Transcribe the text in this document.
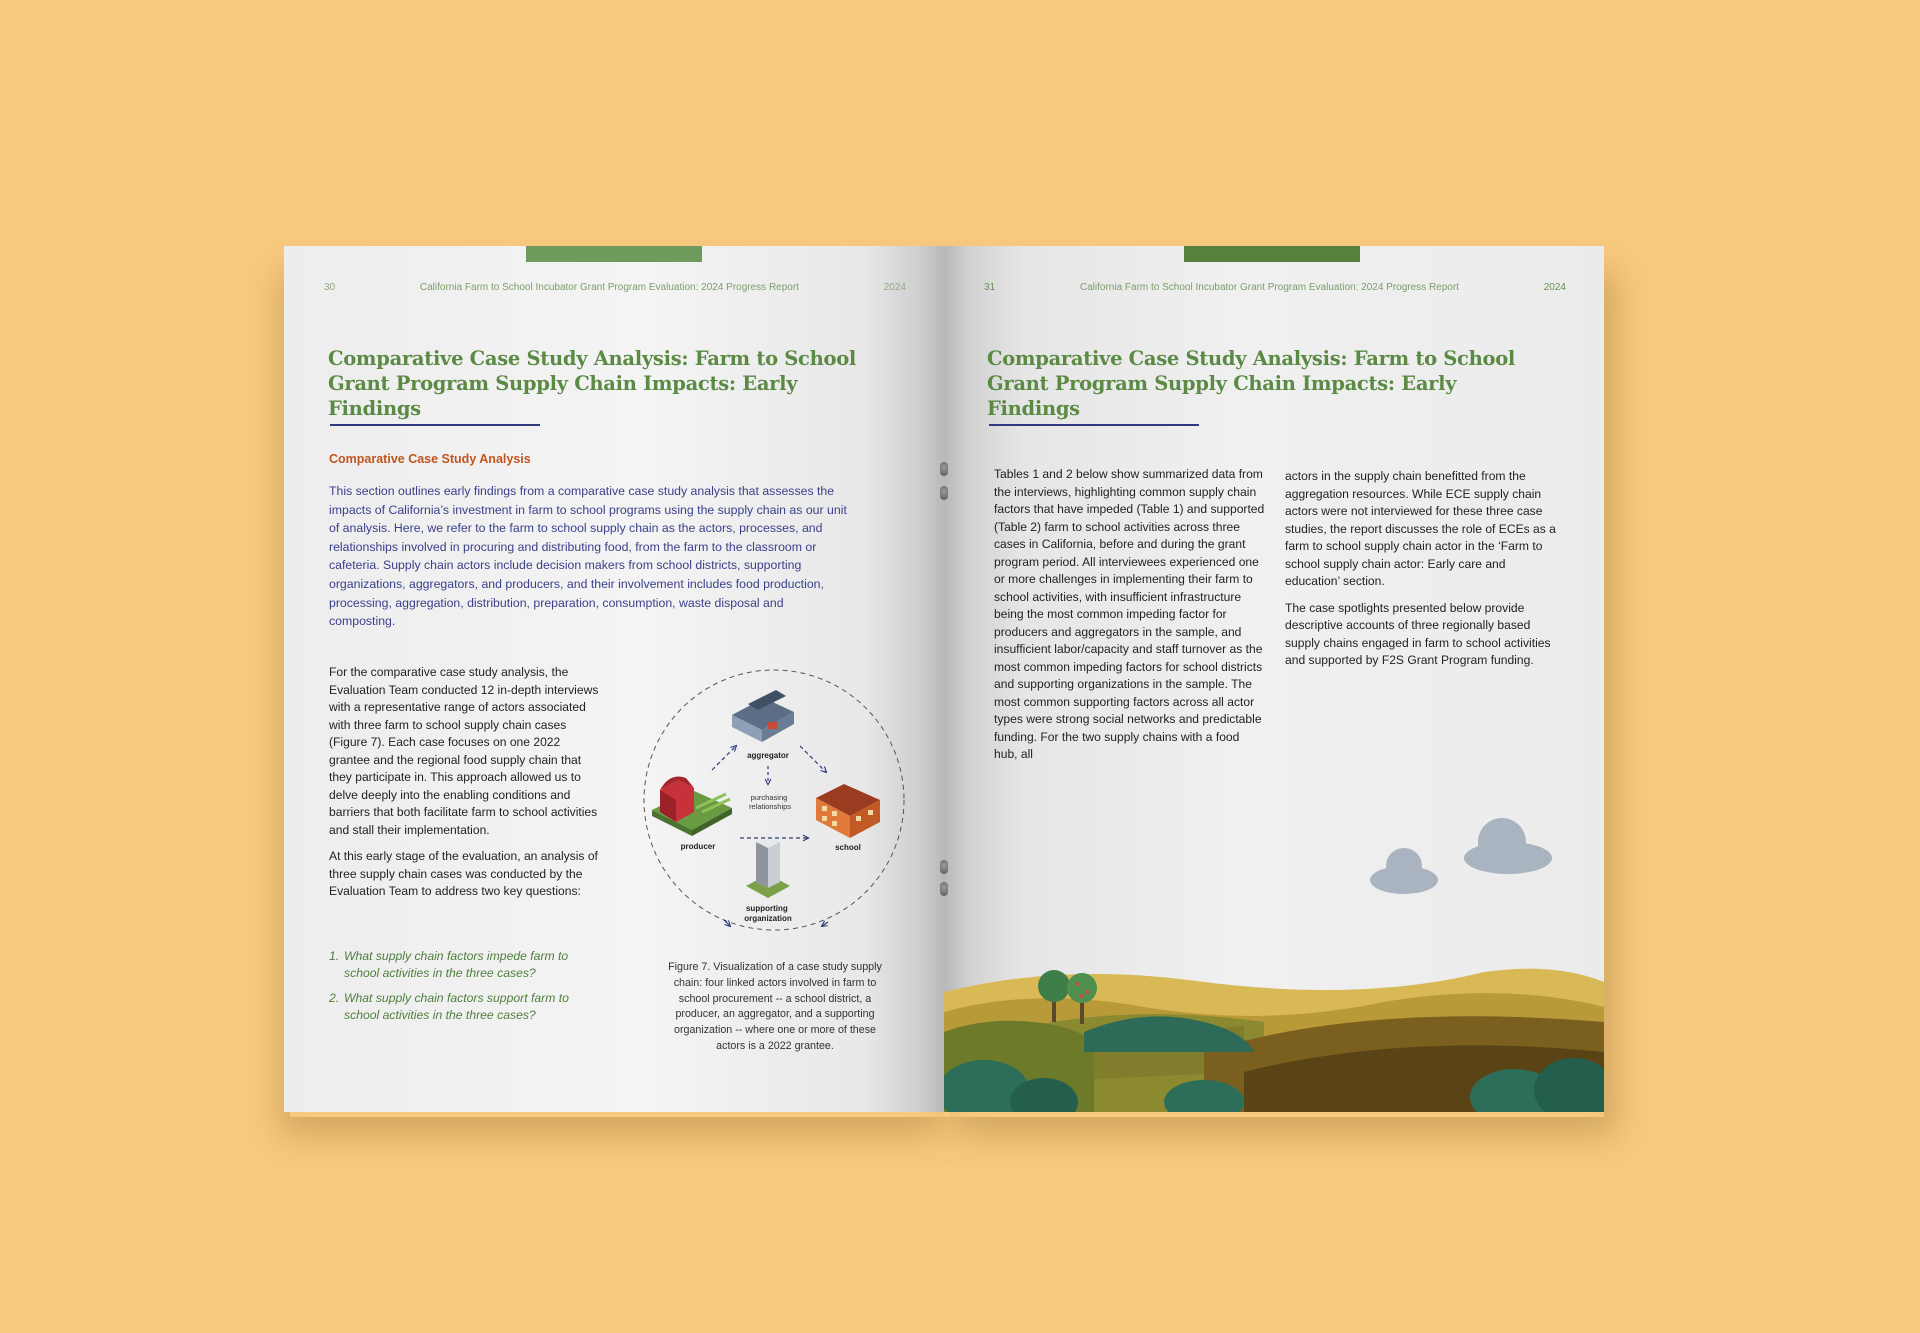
30	California Farm to School Incubator Grant Program Evaluation: 2024 Progress Report	2024
Comparative Case Study Analysis: Farm to School
Grant Program Supply Chain Impacts: Early Findings
Comparative Case Study Analysis
This section outlines early findings from a comparative case study analysis that assesses the impacts of California’s investment in farm to school programs using the supply chain as our unit of analysis. Here, we refer to the farm to school supply chain as the actors, processes, and relationships involved in procuring and distributing food, from the farm to the classroom or cafeteria. Supply chain actors include decision makers from school districts, supporting organizations, aggregators, and producers, and their involvement includes food production, processing, aggregation, distribution, preparation, consumption, waste disposal and composting.

For the comparative case study analysis, the Evaluation Team conducted 12 in-depth interviews with a representative range of actors associated with three farm to school supply chain cases (Figure 7). Each case focuses on one 2022 grantee and the regional food supply chain that they participate in. This approach allowed us to delve deeply into the enabling conditions and barriers that both facilitate farm to school activities and stall their implementation.

At this early stage of the evaluation, an analysis of three supply chain cases was conducted by the Evaluation Team to address two key questions:

1. What supply chain factors impede farm to school activities in the three cases?
2. What supply chain factors support farm to school activities in the three cases?
aggregator
producer	school
supporting organization
purchasing relationships
Figure 7. Visualization of a case study supply chain: four linked actors involved in farm to school procurement -- a school district, a producer, an aggregator, and a supporting organization -- where one or more of these actors is a 2022 grantee.
31	California Farm to School Incubator Grant Program Evaluation: 2024 Progress Report	2024
Comparative Case Study Analysis: Farm to School
Grant Program Supply Chain Impacts: Early Findings

Tables 1 and 2 below show summarized data from the interviews, highlighting common supply chain factors that have impeded (Table 1) and supported (Table 2) farm to school activities across three cases in California, before and during the grant program period. All interviewees experienced one or more challenges in implementing their farm to school activities, with insufficient infrastructure being the most common impeding factor for producers and aggregators in the sample, and insufficient labor/capacity and staff turnover as the most common impeding factors for school districts and supporting organizations in the sample. The most common supporting factors across all actor types were strong social networks and predictable funding. For the two supply chains with a food hub, all

actors in the supply chain benefitted from the aggregation resources. While ECE supply chain actors were not interviewed for these three case studies, the report discusses the role of ECEs as a farm to school supply chain actor in the ‘Farm to school supply chain actor: Early care and education’ section.

The case spotlights presented below provide descriptive accounts of three regionally based supply chains engaged in farm to school activities and supported by F2S Grant Program funding.
